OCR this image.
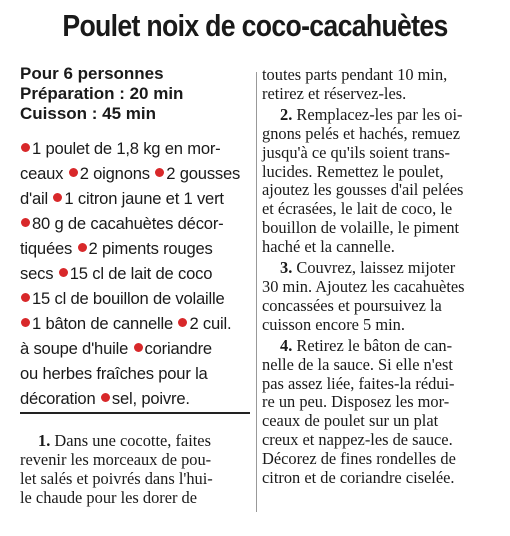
Poulet noix de coco-cacahuètes
Pour 6 personnes
Préparation : 20 min
Cuisson : 45 min
1 poulet de 1,8 kg en mor-
ceaux 2 oignons 2 gousses
d'ail 1 citron jaune et 1 vert
80 g de cacahuètes décor-
tiquées 2 piments rouges
secs 15 cl de lait de coco
15 cl de bouillon de volaille
1 bâton de cannelle 2 cuil.
à soupe d'huile coriandre
ou herbes fraîches pour la
décoration sel, poivre.
1. Dans une cocotte, faites
revenir les morceaux de pou-
let salés et poivrés dans l'hui-
le chaude pour les dorer de
toutes parts pendant 10 min,
retirez et réservez-les.
2. Remplacez-les par les oi-
gnons pelés et hachés, remuez
jusqu'à ce qu'ils soient trans-
lucides. Remettez le poulet,
ajoutez les gousses d'ail pelées
et écrasées, le lait de coco, le
bouillon de volaille, le piment
haché et la cannelle.
3. Couvrez, laissez mijoter
30 min. Ajoutez les cacahuètes
concassées et poursuivez la
cuisson encore 5 min.
4. Retirez le bâton de can-
nelle de la sauce. Si elle n'est
pas assez liée, faites-la rédui-
re un peu. Disposez les mor-
ceaux de poulet sur un plat
creux et nappez-les de sauce.
Décorez de fines rondelles de
citron et de coriandre ciselée.
